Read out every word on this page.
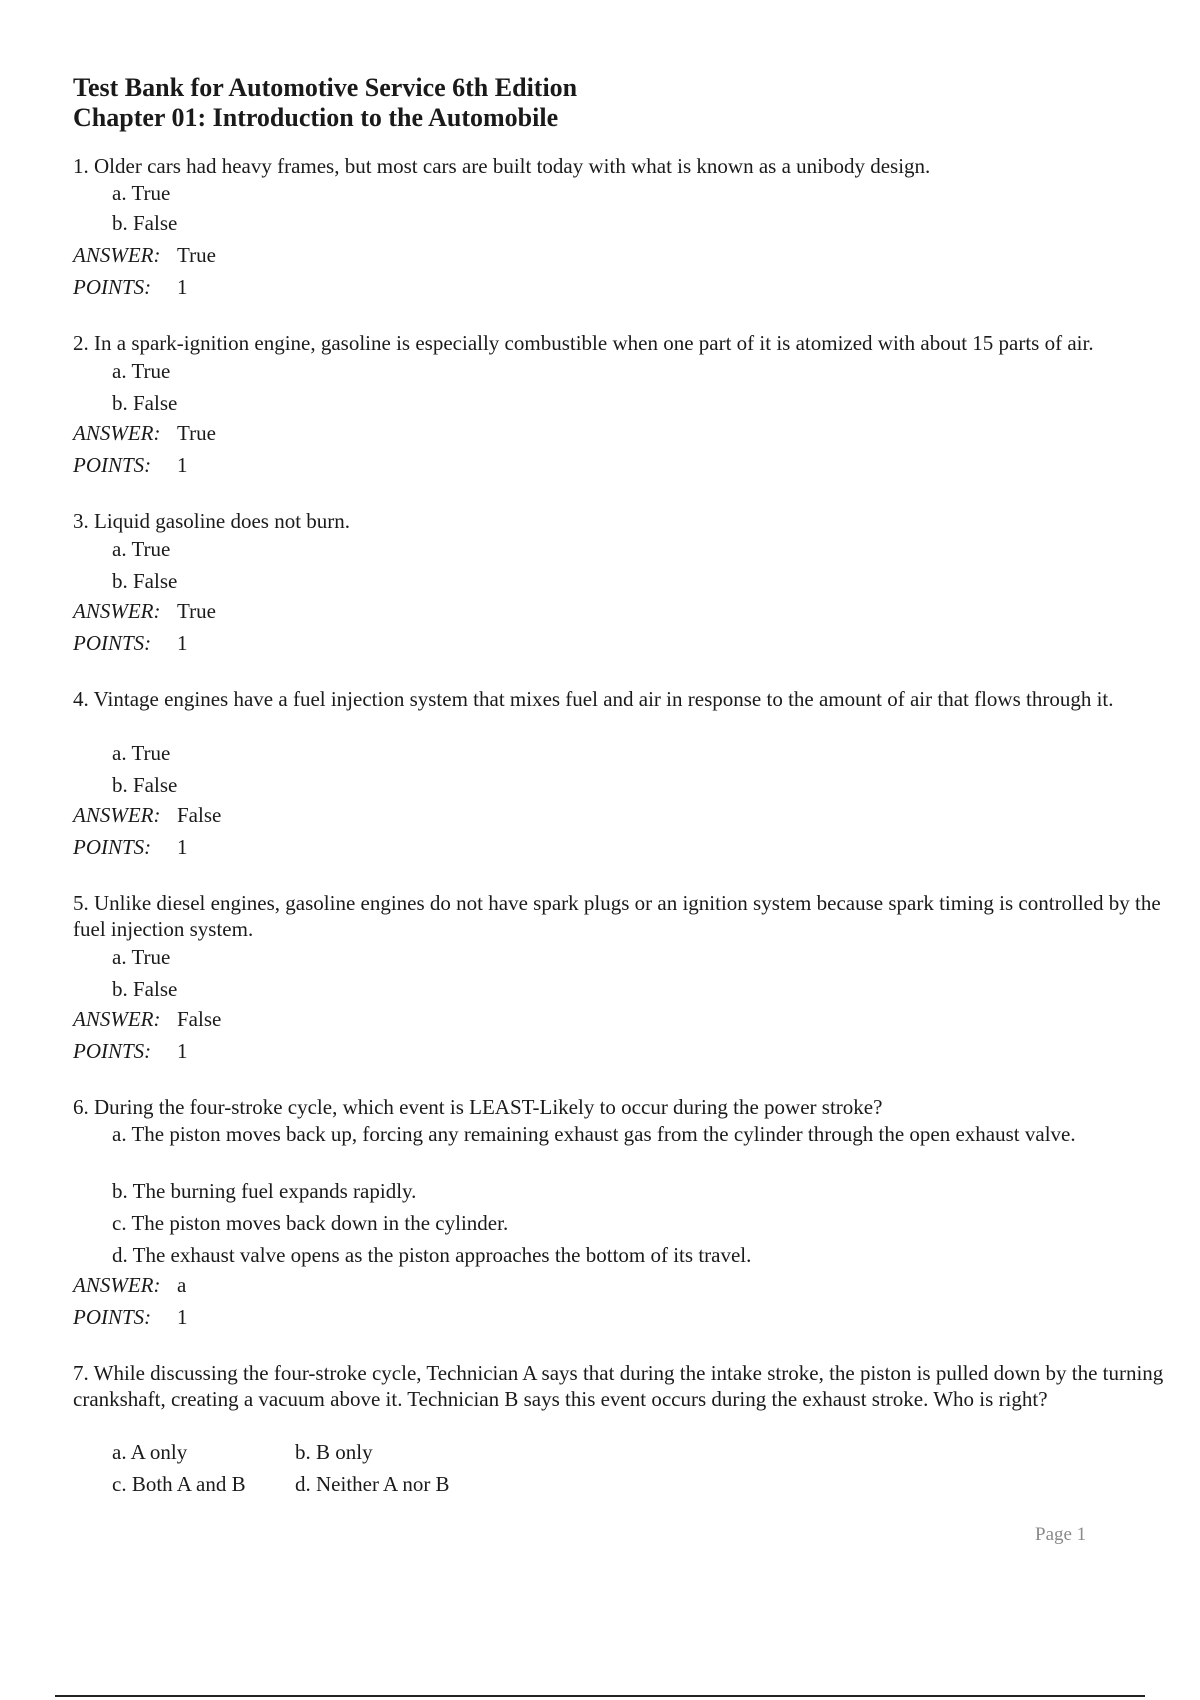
Test Bank for Automotive Service 6th Edition
Chapter 01: Introduction to the Automobile

1. Older cars had heavy frames, but most cars are built today with what is known as a unibody design.

a. True

b. False

ANSWER: True
POINTS: 1

2. In a spark-ignition engine, gasoline is especially combustible when one part of it is atomized with about 15 parts of air.

a. True

b. False

ANSWER: True
POINTS: 1

3. Liquid gasoline does not burn.

a. True

b. False

ANSWER: True
POINTS: 1

4. Vintage engines have a fuel injection system that mixes fuel and air in response to the amount of air that flows through it.

a. True

b. False

ANSWER: False
POINTS: 1

5. Unlike diesel engines, gasoline engines do not have spark plugs or an ignition system because spark timing is controlled by the fuel injection system.

a. True

b. False

ANSWER: False
POINTS: 1

6. During the four-stroke cycle, which event is LEAST-Likely to occur during the power stroke?

a. The piston moves back up, forcing any remaining exhaust gas from the cylinder through the open exhaust valve.

b. The burning fuel expands rapidly.

c. The piston moves back down in the cylinder.

d. The exhaust valve opens as the piston approaches the bottom of its travel.

ANSWER: a
POINTS: 1

7. While discussing the four-stroke cycle, Technician A says that during the intake stroke, the piston is pulled down by the turning crankshaft, creating a vacuum above it. Technician B says this event occurs during the exhaust stroke. Who is right?

a. A only	b. B only

c. Both A and B	d. Neither A nor B

Page 1
